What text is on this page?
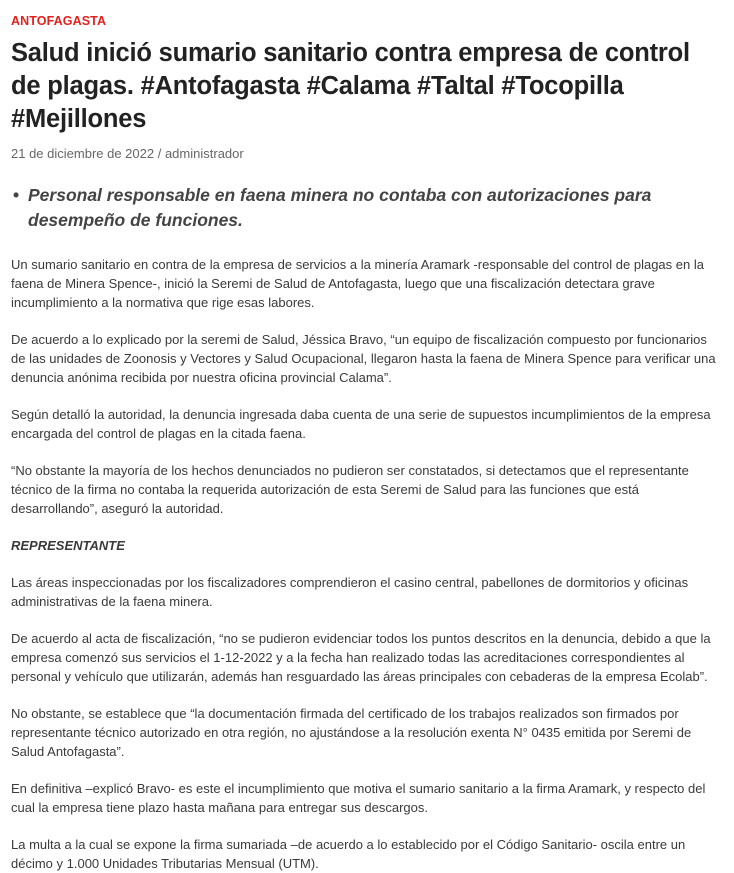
ANTOFAGASTA
Salud inició sumario sanitario contra empresa de control de plagas. #Antofagasta #Calama #Taltal #Tocopilla #Mejillones
21 de diciembre de 2022 / administrador
• Personal responsable en faena minera no contaba con autorizaciones para desempeño de funciones.

Un sumario sanitario en contra de la empresa de servicios a la minería Aramark -responsable del control de plagas en la faena de Minera Spence-, inició la Seremi de Salud de Antofagasta, luego que una fiscalización detectara grave incumplimiento a la normativa que rige esas labores.

De acuerdo a lo explicado por la seremi de Salud, Jéssica Bravo, “un equipo de fiscalización compuesto por funcionarios de las unidades de Zoonosis y Vectores y Salud Ocupacional, llegaron hasta la faena de Minera Spence para verificar una denuncia anónima recibida por nuestra oficina provincial Calama”.

Según detalló la autoridad, la denuncia ingresada daba cuenta de una serie de supuestos incumplimientos de la empresa encargada del control de plagas en la citada faena.

“No obstante la mayoría de los hechos denunciados no pudieron ser constatados, si detectamos que el representante técnico de la firma no contaba la requerida autorización de esta Seremi de Salud para las funciones que está desarrollando”, aseguró la autoridad.

REPRESENTANTE

Las áreas inspeccionadas por los fiscalizadores comprendieron el casino central, pabellones de dormitorios y oficinas administrativas de la faena minera.

De acuerdo al acta de fiscalización, “no se pudieron evidenciar todos los puntos descritos en la denuncia, debido a que la empresa comenzó sus servicios el 1-12-2022 y a la fecha han realizado todas las acreditaciones correspondientes al personal y vehículo que utilizarán, además han resguardado las áreas principales con cebaderas de la empresa Ecolab”.

No obstante, se establece que “la documentación firmada del certificado de los trabajos realizados son firmados por representante técnico autorizado en otra región, no ajustándose a la resolución exenta N° 0435 emitida por Seremi de Salud Antofagasta”.

En definitiva –explicó Bravo- es este el incumplimiento que motiva el sumario sanitario a la firma Aramark, y respecto del cual la empresa tiene plazo hasta mañana para entregar sus descargos.

La multa a la cual se expone la firma sumariada –de acuerdo a lo establecido por el Código Sanitario- oscila entre un décimo y 1.000 Unidades Tributarias Mensual (UTM).
